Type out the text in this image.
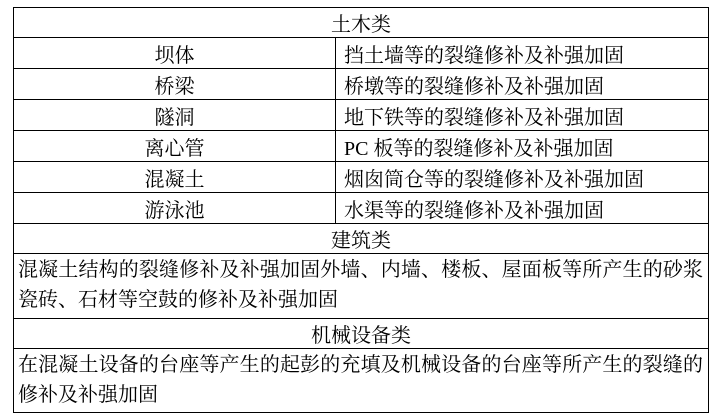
土木类	
坝体	挡土墙等的裂缝修补及补强加固
桥梁	桥墩等的裂缝修补及补强加固
隧洞	地下铁等的裂缝修补及补强加固
离心管	PC 板等的裂缝修补及补强加固
混凝土	烟囱筒仓等的裂缝修补及补强加固
游泳池	水渠等的裂缝修补及补强加固
建筑类	
混凝土结构的裂缝修补及补强加固外墙、内墙、楼板、屋面板等所产生的砂浆瓷砖、石材等空鼓的修补及补强加固	
机械设备类	
在混凝土设备的台座等产生的起彭的充填及机械设备的台座等所产生的裂缝的修补及补强加固	
